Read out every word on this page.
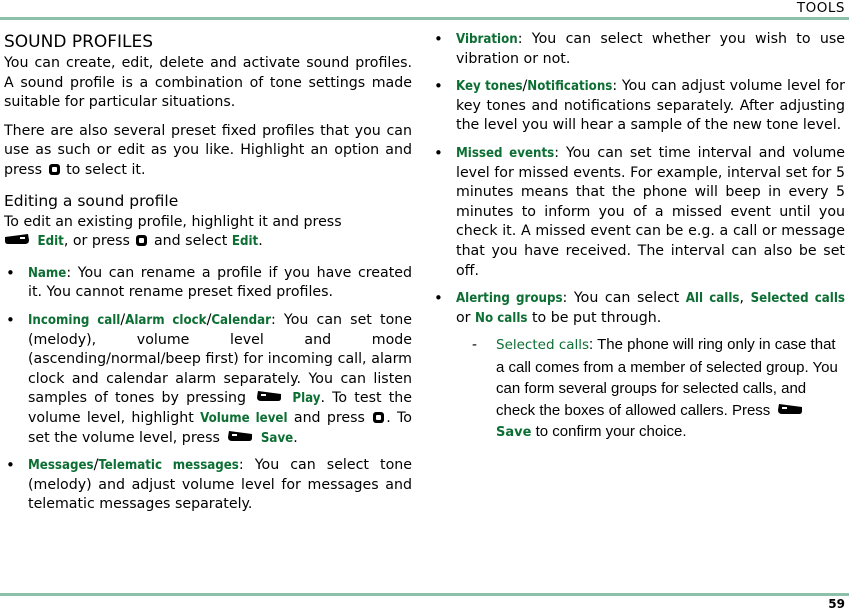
TOOLS
SOUND PROFILES

You can create, edit, delete and activate sound profiles. A sound profile is a combination of tone settings made suitable for particular situations.

There are also several preset fixed profiles that you can use as such or edit as you like. Highlight an option and press to select it.

Editing a sound profile

To edit an existing profile, highlight it and press
Edit, or press and select Edit.

• Name: You can rename a profile if you have created it. You cannot rename preset fixed profiles.
• Incoming call/Alarm clock/Calendar: You can set tone (melody), volume level and mode (ascending/normal/beep first) for incoming call, alarm clock and calendar alarm separately. You can listen samples of tones by pressing	Play. To test the volume level, highlight Volume level and press . To set the volume level, press	Save.
• Messages/Telematic messages: You can select tone (melody) and adjust volume level for messages and telematic messages separately.
• Vibration: You can select whether you wish to use vibration or not.
• Key tones/Notifications: You can adjust volume level for key tones and notifications separately. After adjusting the level you will hear a sample of the new tone level.
• Missed events: You can set time interval and volume level for missed events. For example, interval set for 5 minutes means that the phone will beep in every 5 minutes to inform you of a missed event until you check it. A missed event can be e.g. a call or message that you have received. The interval can also be set off.
• Alerting groups: You can select All calls, Selected calls or No calls to be put through.
- Selected calls: The phone will ring only in case that a call comes from a member of selected group. You can form several groups for selected calls, and check the boxes of allowed callers. Press  Save to confirm your choice.
59
